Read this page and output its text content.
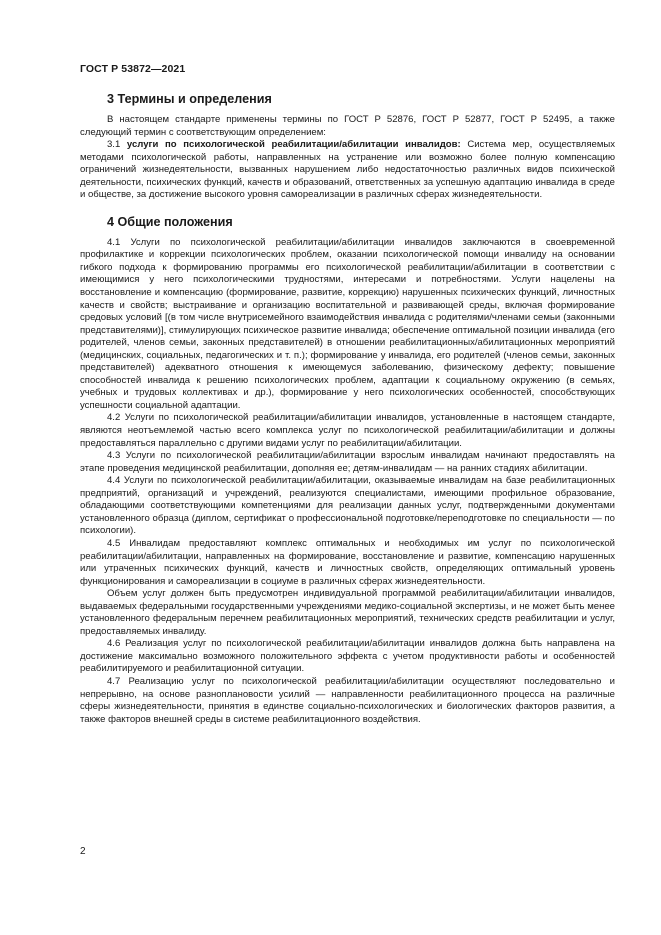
ГОСТ Р 53872—2021
3 Термины и определения

В настоящем стандарте применены термины по ГОСТ Р 52876, ГОСТ Р 52877, ГОСТ Р 52495, а также следующий термин с соответствующим определением:

3.1 услуги по психологической реабилитации/абилитации инвалидов: Система мер, осуществляемых методами психологической работы, направленных на устранение или возможно более полную компенсацию ограничений жизнедеятельности, вызванных нарушением либо недостаточностью различных видов психической деятельности, психических функций, качеств и образований, ответственных за успешную адаптацию инвалида в среде и обществе, за достижение высокого уровня самореализации в различных сферах жизнедеятельности.

4 Общие положения

4.1 Услуги по психологической реабилитации/абилитации инвалидов заключаются в своевременной профилактике и коррекции психологических проблем, оказании психологической помощи инвалиду на основании гибкого подхода к формированию программы его психологической реабилитации/абилитации в соответствии с имеющимися у него психологическими трудностями, интересами и потребностями. Услуги нацелены на восстановление и компенсацию (формирование, развитие, коррекцию) нарушенных психических функций, личностных качеств и свойств; выстраивание и организацию воспитательной и развивающей среды, включая формирование средовых условий [(в том числе внутрисемейного взаимодействия инвалида с родителями/членами семьи (законными представителями)], стимулирующих психическое развитие инвалида; обеспечение оптимальной позиции инвалида (его родителей, членов семьи, законных представителей) в отношении реабилитационных/абилитационных мероприятий (медицинских, социальных, педагогических и т. п.); формирование у инвалида, его родителей (членов семьи, законных представителей) адекватного отношения к имеющемуся заболеванию, физическому дефекту; повышение способностей инвалида к решению психологических проблем, адаптации к социальному окружению (в семьях, учебных и трудовых коллективах и др.), формирование у него психологических особенностей, способствующих успешности социальной адаптации.

4.2 Услуги по психологической реабилитации/абилитации инвалидов, установленные в настоящем стандарте, являются неотъемлемой частью всего комплекса услуг по психологической реабилитации/абилитации и должны предоставляться параллельно с другими видами услуг по реабилитации/абилитации.

4.3 Услуги по психологической реабилитации/абилитации взрослым инвалидам начинают предоставлять на этапе проведения медицинской реабилитации, дополняя ее; детям-инвалидам — на ранних стадиях абилитации.

4.4 Услуги по психологической реабилитации/абилитации, оказываемые инвалидам на базе реабилитационных предприятий, организаций и учреждений, реализуются специалистами, имеющими профильное образование, обладающими соответствующими компетенциями для реализации данных услуг, подтвержденными документами установленного образца (диплом, сертификат о профессиональной подготовке/переподготовке по специальности — по психологии).

4.5 Инвалидам предоставляют комплекс оптимальных и необходимых им услуг по психологической реабилитации/абилитации, направленных на формирование, восстановление и развитие, компенсацию нарушенных или утраченных психических функций, качеств и личностных свойств, определяющих оптимальный уровень функционирования и самореализации в социуме в различных сферах жизнедеятельности.

Объем услуг должен быть предусмотрен индивидуальной программой реабилитации/абилитации инвалидов, выдаваемых федеральными государственными учреждениями медико-социальной экспертизы, и не может быть менее установленного федеральным перечнем реабилитационных мероприятий, технических средств реабилитации и услуг, предоставляемых инвалиду.

4.6 Реализация услуг по психологической реабилитации/абилитации инвалидов должна быть направлена на достижение максимально возможного положительного эффекта с учетом продуктивности работы и особенностей реабилитируемого и реабилитационной ситуации.

4.7 Реализацию услуг по психологической реабилитации/абилитации осуществляют последовательно и непрерывно, на основе разноплановости усилий — направленности реабилитационного процесса на различные сферы жизнедеятельности, принятия в единстве социально-психологических и биологических факторов развития, а также факторов внешней среды в системе реабилитационного воздействия.

2
